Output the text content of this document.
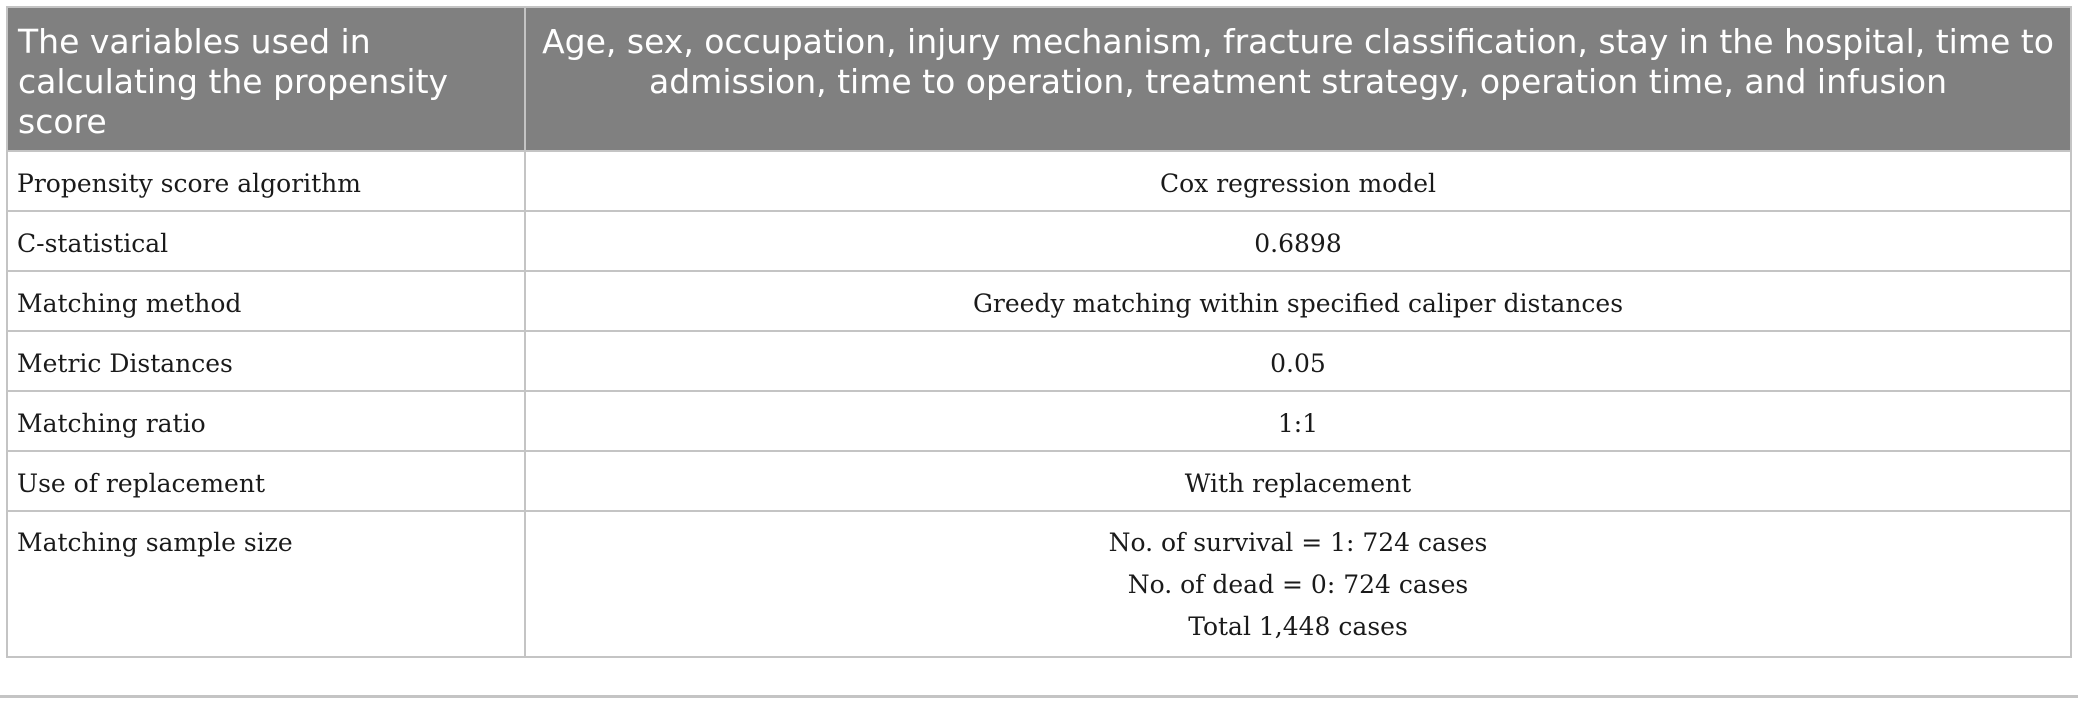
The variables used in calculating the propensity score	Age, sex, occupation, injury mechanism, fracture classification, stay in the hospital, time to admission, time to operation, treatment strategy, operation time, and infusion
Propensity score algorithm	Cox regression model
C-statistical	0.6898
Matching method	Greedy matching within specified caliper distances
Metric Distances	0.05
Matching ratio	1:1
Use of replacement	With replacement
Matching sample size	No. of survival = 1: 724 cases
No. of dead = 0: 724 cases
Total 1,448 cases
